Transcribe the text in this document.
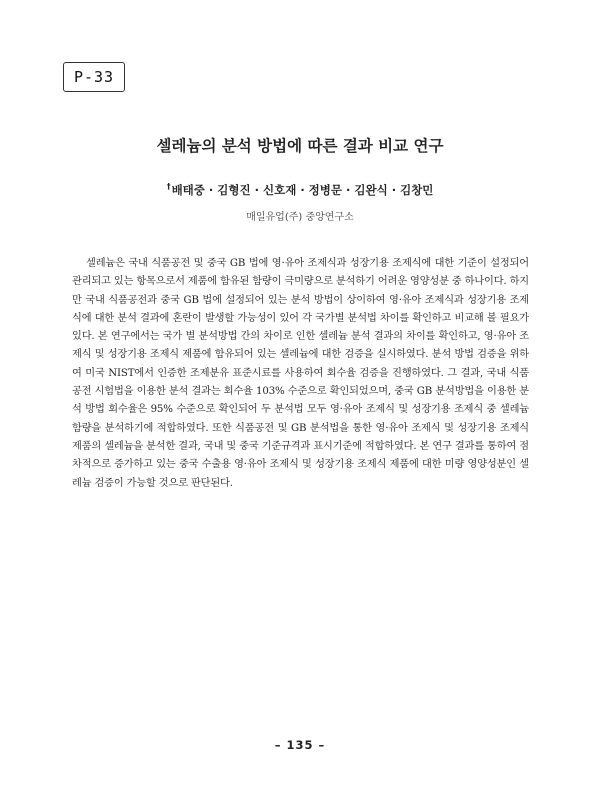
P-33
셀레늄의 분석 방법에 따른 결과 비교 연구
†배태중 · 김형진 · 신호재 · 정병문 · 김완식 · 김창민
매일유업(주) 중앙연구소

셀레늄은 국내 식품공전 및 중국 GB 법에 영·유아 조제식과 성장기용 조제식에 대한 기준이 설정되어 관리되고 있는 항목으로서 제품에 함유된 함량이 극미량으로 분석하기 어려운 영양성분 중 하나이다. 하지만 국내 식품공전과 중국 GB 법에 설정되어 있는 분석 방법이 상이하여 영·유아 조제식과 성장기용 조제식에 대한 분석 결과에 혼란이 발생할 가능성이 있어 각 국가별 분석법 차이를 확인하고 비교해 볼 필요가 있다. 본 연구에서는 국가 별 분석방법 간의 차이로 인한 셀레늄 분석 결과의 차이를 확인하고, 영·유아 조제식 및 성장기용 조제식 제품에 함유되어 있는 셀레늄에 대한 검증을 실시하였다. 분석 방법 검증을 위하여 미국 NIST에서 인증한 조제분유 표준시료를 사용하여 회수율 검증을 진행하였다. 그 결과, 국내 식품공전 시험법을 이용한 분석 결과는 회수율 103% 수준으로 확인되었으며, 중국 GB 분석방법을 이용한 분석 방법 회수율은 95% 수준으로 확인되어 두 분석법 모두 영·유아 조제식 및 성장기용 조제식 중 셀레늄 함량을 분석하기에 적합하였다. 또한 식품공전 및 GB 분석법을 통한 영·유아 조제식 및 성장기용 조제식 제품의 셀레늄을 분석한 결과, 국내 및 중국 기준규격과 표시기준에 적합하였다. 본 연구 결과를 통하여 점차적으로 증가하고 있는 중국 수출용 영·유아 조제식 및 성장기용 조제식 제품에 대한 미량 영양성분인 셀레늄 검증이 가능할 것으로 판단된다.

– 135 –
